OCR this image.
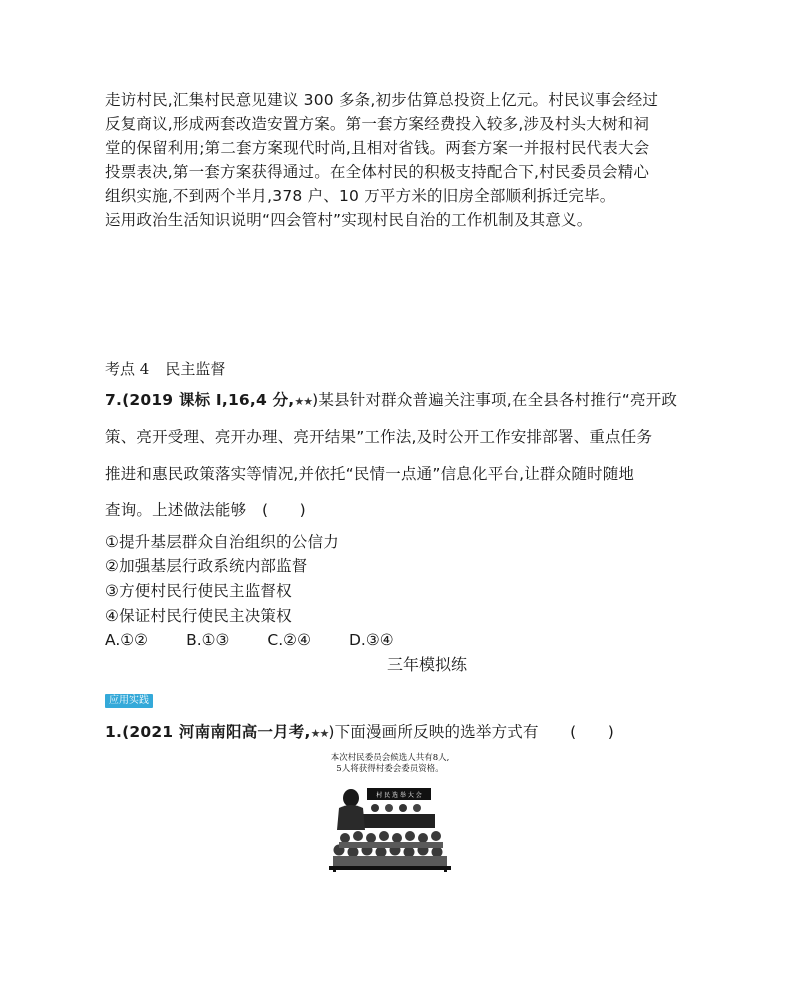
走访村民,汇集村民意见建议 300 多条,初步估算总投资上亿元。村民议事会经过
反复商议,形成两套改造安置方案。第一套方案经费投入较多,涉及村头大树和祠
堂的保留利用;第二套方案现代时尚,且相对省钱。两套方案一并报村民代表大会
投票表决,第一套方案获得通过。在全体村民的积极支持配合下,村民委员会精心
组织实施,不到两个半月,378 户、10 万平方米的旧房全部顺利拆迁完毕。
运用政治生活知识说明“四会管村”实现村民自治的工作机制及其意义。
考点 4 民主监督
7.(2019 课标 Ⅰ,16,4 分,★★)某县针对群众普遍关注事项,在全县各村推行“亮开政
策、亮开受理、亮开办理、亮开结果”工作法,及时公开工作安排部署、重点任务
推进和惠民政策落实等情况,并依托“民情一点通”信息化平台,让群众随时随地
查询。上述做法能够　(　　)
①提升基层群众自治组织的公信力
②加强基层行政系统内部监督
③方便村民行使民主监督权
④保证村民行使民主决策权
A.①② B.①③ C.②④ D.③④
三年模拟练
应用实践
1.(2021 河南南阳高一月考,★★)下面漫画所反映的选举方式有　　(　　)
本次村民委员会候选人共有8人,
5人将获得村委会委员资格。
村 民 选 举 大 会
